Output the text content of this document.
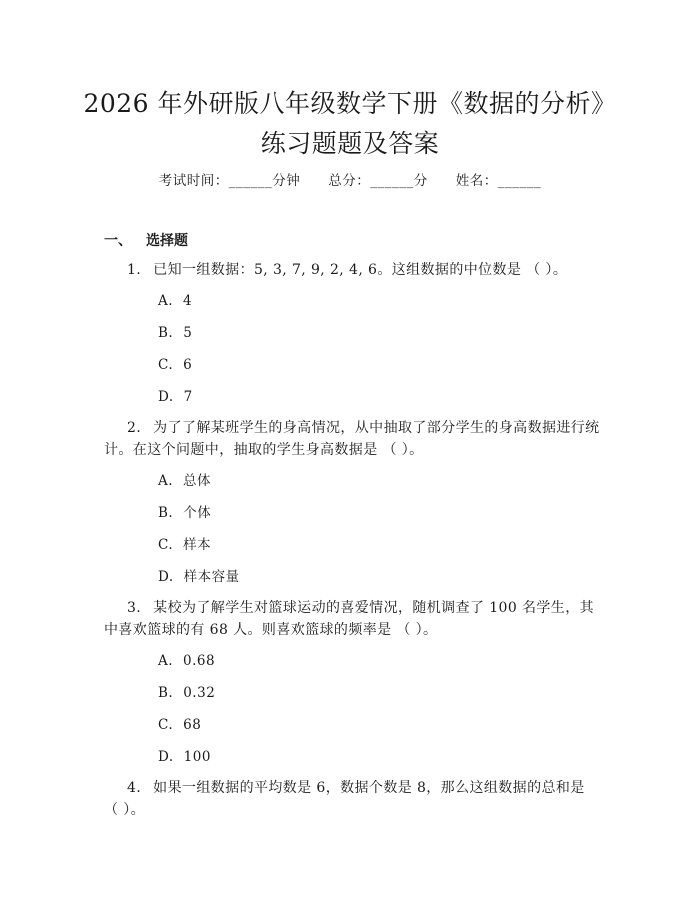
2026 年外研版八年级数学下册《数据的分析》练习题题及答案
考试时间：______分钟 总分：______分 姓名：______
一、 选择题
1. 已知一组数据：5, 3, 7, 9, 2, 4, 6。这组数据的中位数是 （ ）。
A. 4
B. 5
C. 6
D. 7
2. 为了了解某班学生的身高情况，从中抽取了部分学生的身高数据进行统计。在这个问题中，抽取的学生身高数据是 （ ）。
A. 总体
B. 个体
C. 样本
D. 样本容量
3. 某校为了解学生对篮球运动的喜爱情况，随机调查了 100 名学生，其中喜欢篮球的有 68 人。则喜欢篮球的频率是 （ ）。
A. 0.68
B. 0.32
C. 68
D. 100
4. 如果一组数据的平均数是 6，数据个数是 8，那么这组数据的总和是 （ ）。
